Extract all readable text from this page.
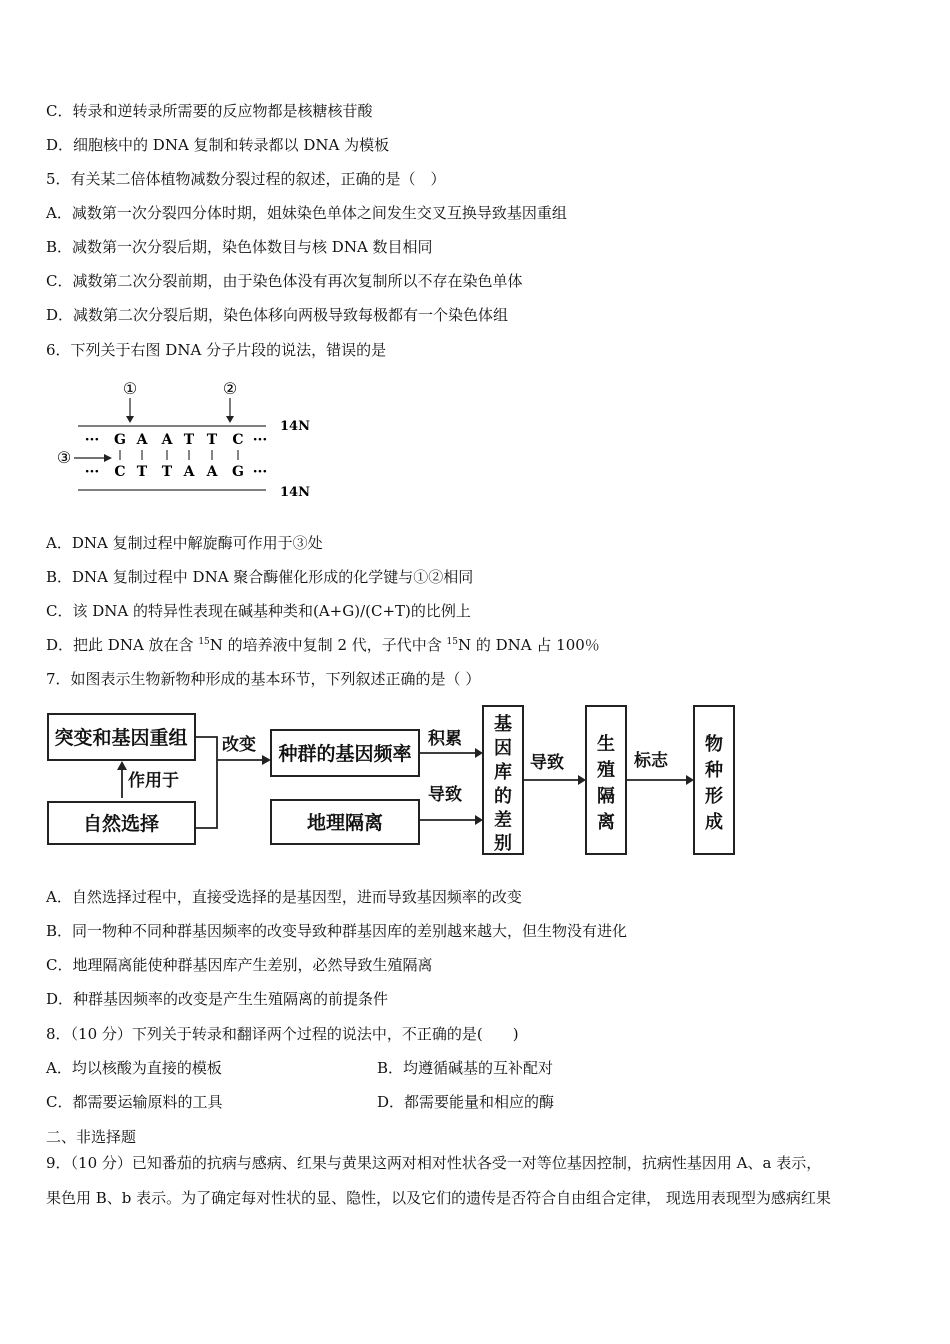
C．转录和逆转录所需要的反应物都是核糖核苷酸
D．细胞核中的 DNA 复制和转录都以 DNA 为模板
5．有关某二倍体植物减数分裂过程的叙述，正确的是（　）
A．减数第一次分裂四分体时期，姐妹染色单体之间发生交叉互换导致基因重组
B．减数第一次分裂后期，染色体数目与核 DNA 数目相同
C．减数第二次分裂前期，由于染色体没有再次复制所以不存在染色单体
D．减数第二次分裂后期，染色体移向两极导致每极都有一个染色体组
6．下列关于右图 DNA 分子片段的说法，错误的是
①	②
14N
··· G A A T T C ···
③
··· C T T A A G ···
14N
A．DNA 复制过程中解旋酶可作用于③处
B．DNA 复制过程中 DNA 聚合酶催化形成的化学键与①②相同
C．该 DNA 的特异性表现在碱基种类和(A+G)/(C+T)的比例上
D．把此 DNA 放在含 $^{15}$N 的培养液中复制 2 代，子代中含 $^{15}$N 的 DNA 占 100％
7．如图表示生物新物种形成的基本环节，下列叙述正确的是（ ）
突变和基因重组
自然选择
种群的基因频率
地理隔离
基
因
库
的
差
别
生
殖
隔
离
物
种
形
成
改变
作用于
积累
导致
导致	标志
A．自然选择过程中，直接受选择的是基因型，进而导致基因频率的改变
B．同一物种不同种群基因频率的改变导致种群基因库的差别越来越大，但生物没有进化
C．地理隔离能使种群基因库产生差别，必然导致生殖隔离
D．种群基因频率的改变是产生生殖隔离的前提条件
8．（10 分）下列关于转录和翻译两个过程的说法中，不正确的是(　　)
A．均以核酸为直接的模板	B．均遵循碱基的互补配对
C．都需要运输原料的工具	D．都需要能量和相应的酶
二、非选择题
9．（10 分）已知番茄的抗病与感病、红果与黄果这两对相对性状各受一对等位基因控制，抗病性基因用 A、a 表示，
果色用 B、b 表示。为了确定每对性状的显、隐性，以及它们的遗传是否符合自由组合定律， 现选用表现型为感病红果
